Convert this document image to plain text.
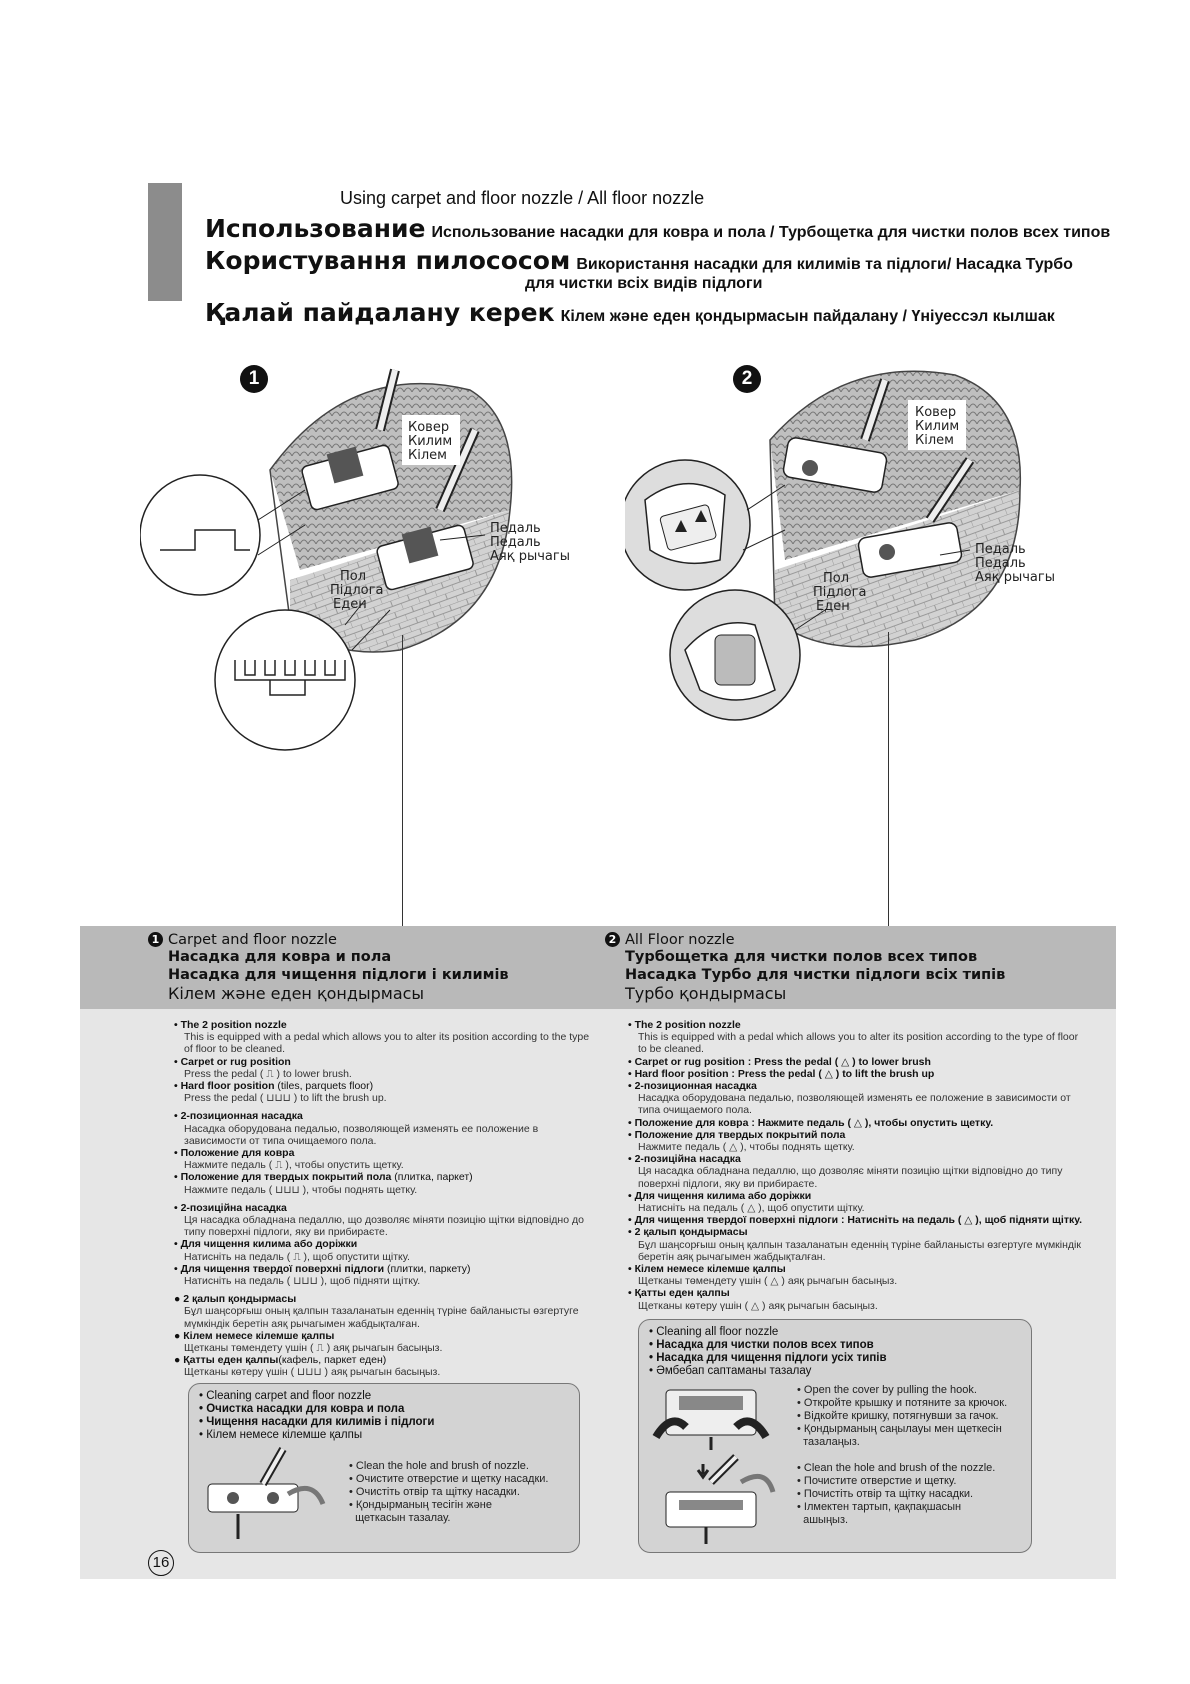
Using carpet and floor nozzle / All floor nozzle
Использование Использование насадки для ковра и пола / Турбощетка для чистки полов всех типов
Користування пилососом Використання насадки для килимів та підлоги/ Насадка Турбо
для чистки всіх видів підлоги
Қалай пайдалану керек Кілем және еден қондырмасын пайдалану / Үніуессэл кылшак
1	2
Ковер
Килим
Кілем
Педаль
Педаль
Аяқ рычагы
Пол
Підлога
Еден
Ковер
Килим
Кілем
Педаль
Педаль
Аяқ рычагы
Пол
Підлога
Еден
1 Carpet and floor nozzle
Насадка для ковра и пола
Насадка для чищення підлоги і килимів
Кілем және еден қондырмасы
2 All Floor nozzle
Турбощетка для чистки полов всех типов
Насадка Турбо для чистки підлоги всіх типів
Турбо қондырмасы
• The 2 position nozzle
This is equipped with a pedal which allows you to alter its position according to the type of floor to be cleaned.
• Carpet or rug position
Press the pedal ( ⎍ ) to lower brush.
• Hard floor position (tiles, parquets floor)
Press the pedal ( ⊔⊔⊔ ) to lift the brush up.
• 2-позиционная насадка
Насадка оборудована педалью, позволяющей изменять ее положение в зависимости от типа очищаемого пола.
• Положение для ковра
Нажмите педаль ( ⎍ ), чтобы опустить щетку.
• Положение для твердых покрытий пола (плитка, паркет)
Нажмите педаль ( ⊔⊔⊔ ), чтобы поднять щетку.
• 2-позиційна насадка
Ця насадка обладнана педаллю, що дозволяє міняти позицію щітки відповідно до типу поверхні підлоги, яку ви прибираєте.
• Для чищення килима або доріжки
Натисніть на педаль ( ⎍ ), щоб опустити щітку.
• Для чищення твердої поверхні підлоги (плитки, паркету)
Натисніть на педаль ( ⊔⊔⊔ ), щоб підняти щітку.
● 2 қалып қондырмасы
Бұл шаңсорғыш оның қалпын тазаланатын еденнің түріне байланысты өзгертуге мүмкіндік беретін аяқ рычагымен жабдықталған.
● Кілем немесе кілемше қалпы
Щетканы төмендету үшін ( ⎍ ) аяқ рычагын басыңыз.
● Қатты еден қалпы(кафель, паркет еден)
Щетканы көтеру үшін ( ⊔⊔⊔ ) аяқ рычагын басыңыз.
• Cleaning carpet and floor nozzle
• Очистка насадки для ковра и пола
• Чищення насадки для килимів і підлоги
• Кілем немесе кілемше қалпы
• Clean the hole and brush of nozzle.
• Очистите отверстие и щетку насадки.
• Очистіть отвір та щітку насадки.
• Қондырманың тесігін және
щеткасын тазалау.
• The 2 position nozzle
This is equipped with a pedal which allows you to alter its position according to the type of floor to be cleaned.
• Carpet or rug position : Press the pedal ( △ ) to lower brush
• Hard floor position : Press the pedal ( △ ) to lift the brush up
• 2-позиционная насадка
Насадка оборудована педалью, позволяющей изменять ее положение в зависимости от типа очищаемого пола.
• Положение для ковра : Нажмите педаль ( △ ), чтобы опустить щетку.
• Положение для твердых покрытий пола
Нажмите педаль ( △ ), чтобы поднять щетку.
• 2-позиційна насадка
Ця насадка обладнана педаллю, що дозволяє міняти позицію щітки відповідно до типу поверхні підлоги, яку ви прибираєте.
• Для чищення килима або доріжки
Натисніть на педаль ( △ ), щоб опустити щітку.
• Для чищення твердої поверхні підлоги : Натисніть на педаль ( △ ), щоб підняти щітку.
• 2 қалып қондырмасы
Бұл шаңсорғыш оның қалпын тазаланатын еденнің түріне байланысты өзгертуге мүмкіндік беретін аяқ рычагымен жабдықталған.
• Кілем немесе кілемше қалпы
Щетканы төмендету үшін ( △ ) аяқ рычагын басыңыз.
• Қатты еден қалпы
Щетканы көтеру үшін ( △ ) аяқ рычагын басыңыз.
• Cleaning all floor nozzle
• Насадка для чистки полов всех типов
• Насадка для чищення підлоги усіх типів
• Әмбебап саптаманы тазалау
• Open the cover by pulling the hook.
• Откройте крышку и потяните за крючок.
• Відкойте кришку, потягнувши за гачок.
• Қондырманың саңылауы мен щеткесін
тазалаңыз.
• Clean the hole and brush of the nozzle.
• Почистите отверстие и щетку.
• Почистіть отвір та щітку насадки.
• Ілмектен тартып, қақпақшасын
ашыңыз.
16
